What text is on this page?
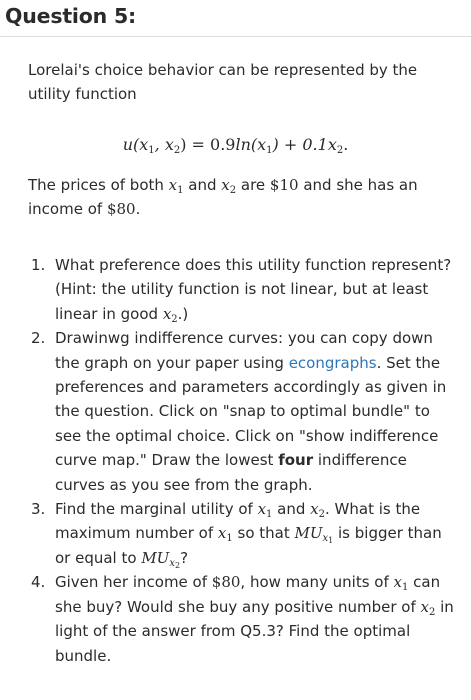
Question 5:
Lorelai's choice behavior can be represented by the
utility function
$u(x_1$, $x_2) = 0.9\ln(x_1) + 0.1x_2$.
The prices of both $x_1$ and $x_2$ are $10 and she has an
income of $80.
1. What preference does this utility function represent? (Hint: the utility function is not linear, but at least linear in good $x_2$.)
2. Drawinwg indifference curves: you can copy down the graph on your paper using econgraphs. Set the preferences and parameters accordingly as given in the question. Click on "snap to optimal bundle" to see the optimal choice. Click on "show indifference curve map." Draw the lowest four indifference curves as you see from the graph.
3. Find the marginal utility of $x_1$ and $x_2$. What is the maximum number of $x_1$ so that $MU_{x_1}$ is bigger than or equal to $MU_{x_2}$?
4. Given her income of $80, how many units of $x_1$ can she buy? Would she buy any positive number of $x_2$ in light of the answer from Q5.3? Find the optimal bundle.
